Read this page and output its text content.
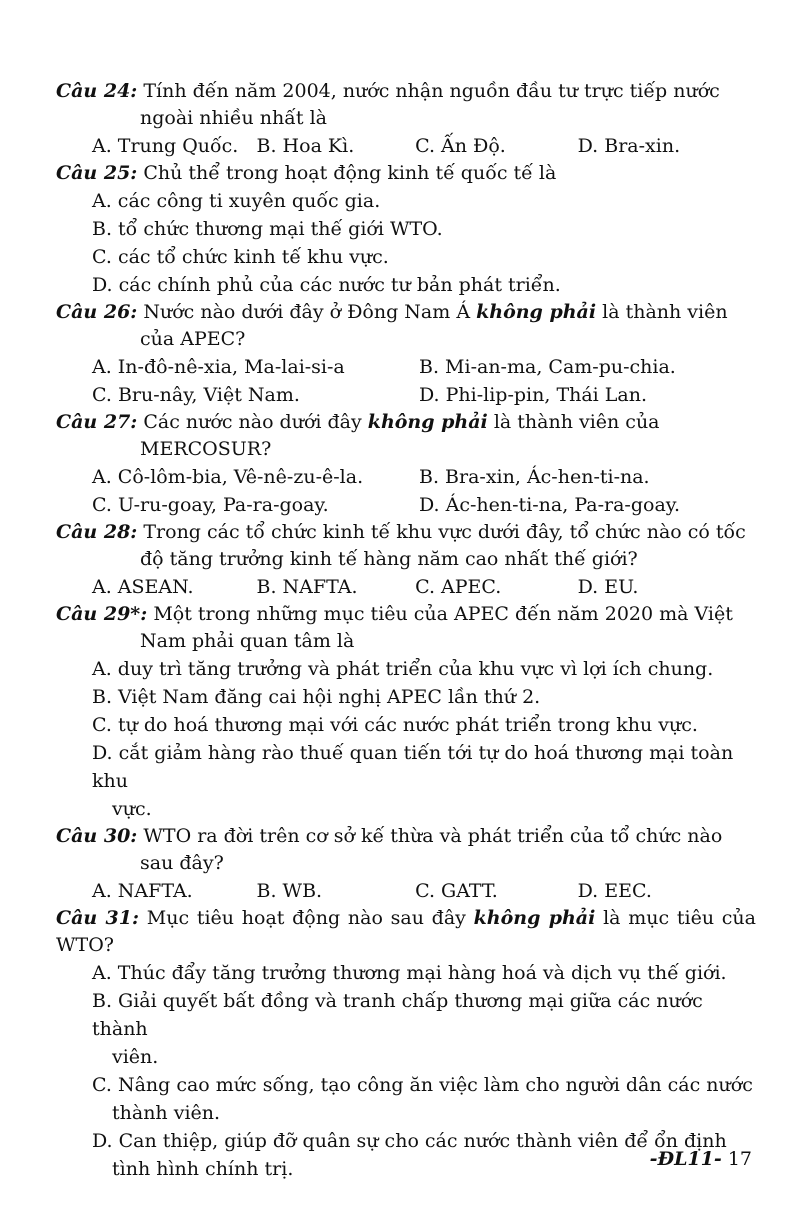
Câu 24: Tính đến năm 2004, nước nhận nguồn đầu tư trực tiếp nước
ngoài nhiều nhất là
A. Trung Quốc. B. Hoa Kì.	C. Ấn Độ.	D. Bra-xin.
Câu 25: Chủ thể trong hoạt động kinh tế quốc tế là
A. các công ti xuyên quốc gia.
B. tổ chức thương mại thế giới WTO.
C. các tổ chức kinh tế khu vực.
D. các chính phủ của các nước tư bản phát triển.
Câu 26: Nước nào dưới đây ở Đông Nam Á không phải là thành viên
của APEC?
A. In-đô-nê-xia, Ma-lai-si-a	B. Mi-an-ma, Cam-pu-chia.
C. Bru-nây, Việt Nam.	D. Phi-lip-pin, Thái Lan.
Câu 27: Các nước nào dưới đây không phải là thành viên của
MERCOSUR?
A. Cô-lôm-bia, Vê-nê-zu-ê-la.	B. Bra-xin, Ác-hen-ti-na.
C. U-ru-goay, Pa-ra-goay.	D. Ác-hen-ti-na, Pa-ra-goay.
Câu 28: Trong các tổ chức kinh tế khu vực dưới đây, tổ chức nào có tốc
độ tăng trưởng kinh tế hàng năm cao nhất thế giới?
A. ASEAN.	B. NAFTA.	C. APEC.	D. EU.
Câu 29*: Một trong những mục tiêu của APEC đến năm 2020 mà Việt
Nam phải quan tâm là
A. duy trì tăng trưởng và phát triển của khu vực vì lợi ích chung.
B. Việt Nam đăng cai hội nghị APEC lần thứ 2.
C. tự do hoá thương mại với các nước phát triển trong khu vực.
D. cắt giảm hàng rào thuế quan tiến tới tự do hoá thương mại toàn khu
vực.
Câu 30: WTO ra đời trên cơ sở kế thừa và phát triển của tổ chức nào
sau đây?
A. NAFTA.	B. WB.	C. GATT.	D. EEC.
Câu 31: Mục tiêu hoạt động nào sau đây không phải là mục tiêu của WTO?
A. Thúc đẩy tăng trưởng thương mại hàng hoá và dịch vụ thế giới.
B. Giải quyết bất đồng và tranh chấp thương mại giữa các nước thành
viên.
C. Nâng cao mức sống, tạo công ăn việc làm cho người dân các nước
thành viên.
D. Can thiệp, giúp đỡ quân sự cho các nước thành viên để ổn định
tình hình chính trị.	-ĐL11- 17
